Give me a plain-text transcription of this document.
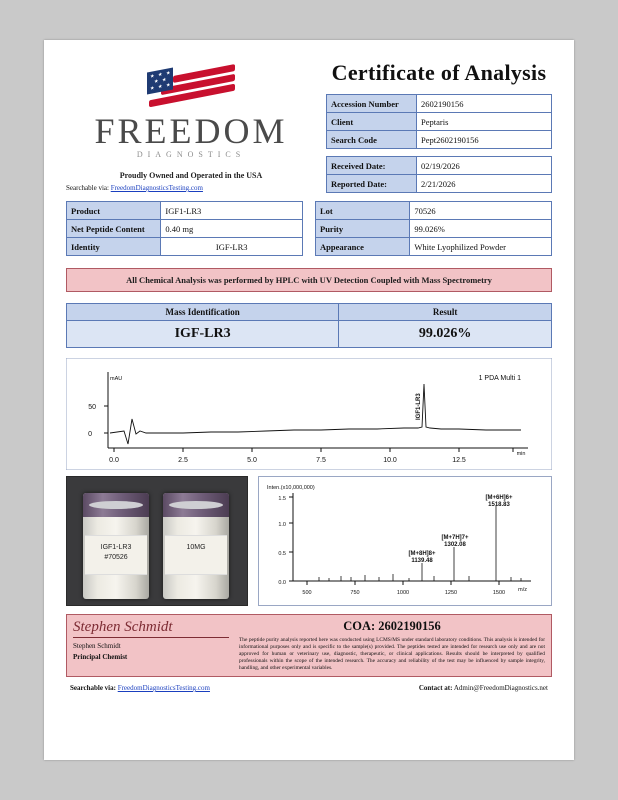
★ ★ ★
★ ★
★ ★ ★
FREEDOM
DIAGNOSTICS
Proudly Owned and Operated in the USA
Searchable via: FreedomDiagnosticsTesting.com
Certificate of Analysis
Accession Number	2602190156
Client	Peptaris
Search Code	Pept2602190156
Received Date:	02/19/2026
Reported Date:	2/21/2026
Product	IGF1-LR3
Net Peptide Content	0.40 mg
Identity	IGF-LR3
Lot	70526
Purity	99.026%
Appearance	White Lyophilized Powder
All Chemical Analysis was performed by HPLC with UV Detection Coupled with Mass Spectrometry
Mass Identification	Result
IGF-LR3	99.026%
0
50
mAU
0.0	2.5	5.0	7.5	10.0	12.5
min
1 PDA Multi 1
IGF1-LR3
IGF1-LR3
#70526
10MG
Inten.(x10,000,000)
0.0
0.5
1.0
1.5
500	750	1000	1250	1500 m/z
[M+8H]8+
1139.48
[M+7H]7+
1302.08
[M+6H]6+
1518.83
Stephen Schmidt
Stephen Schmidt
Principal Chemist
COA: 2602190156
The peptide purity analysis reported here was conducted using LCMS/MS under standard laboratory conditions. This analysis is intended for informational purposes only and is specific to the sample(s) provided. The peptides tested are intended for research use only and are not approved for human or veterinary use, diagnostic, therapeutic, or clinical applications. Results should be interpreted by qualified professionals within the scope of the intended research. The accuracy and reliability of the test may be influenced by sample integrity, handling, and other experimental variables.
Searchable via: FreedomDiagnosticsTesting.com	Contact at: Admin@FreedomDiagnostics.net
